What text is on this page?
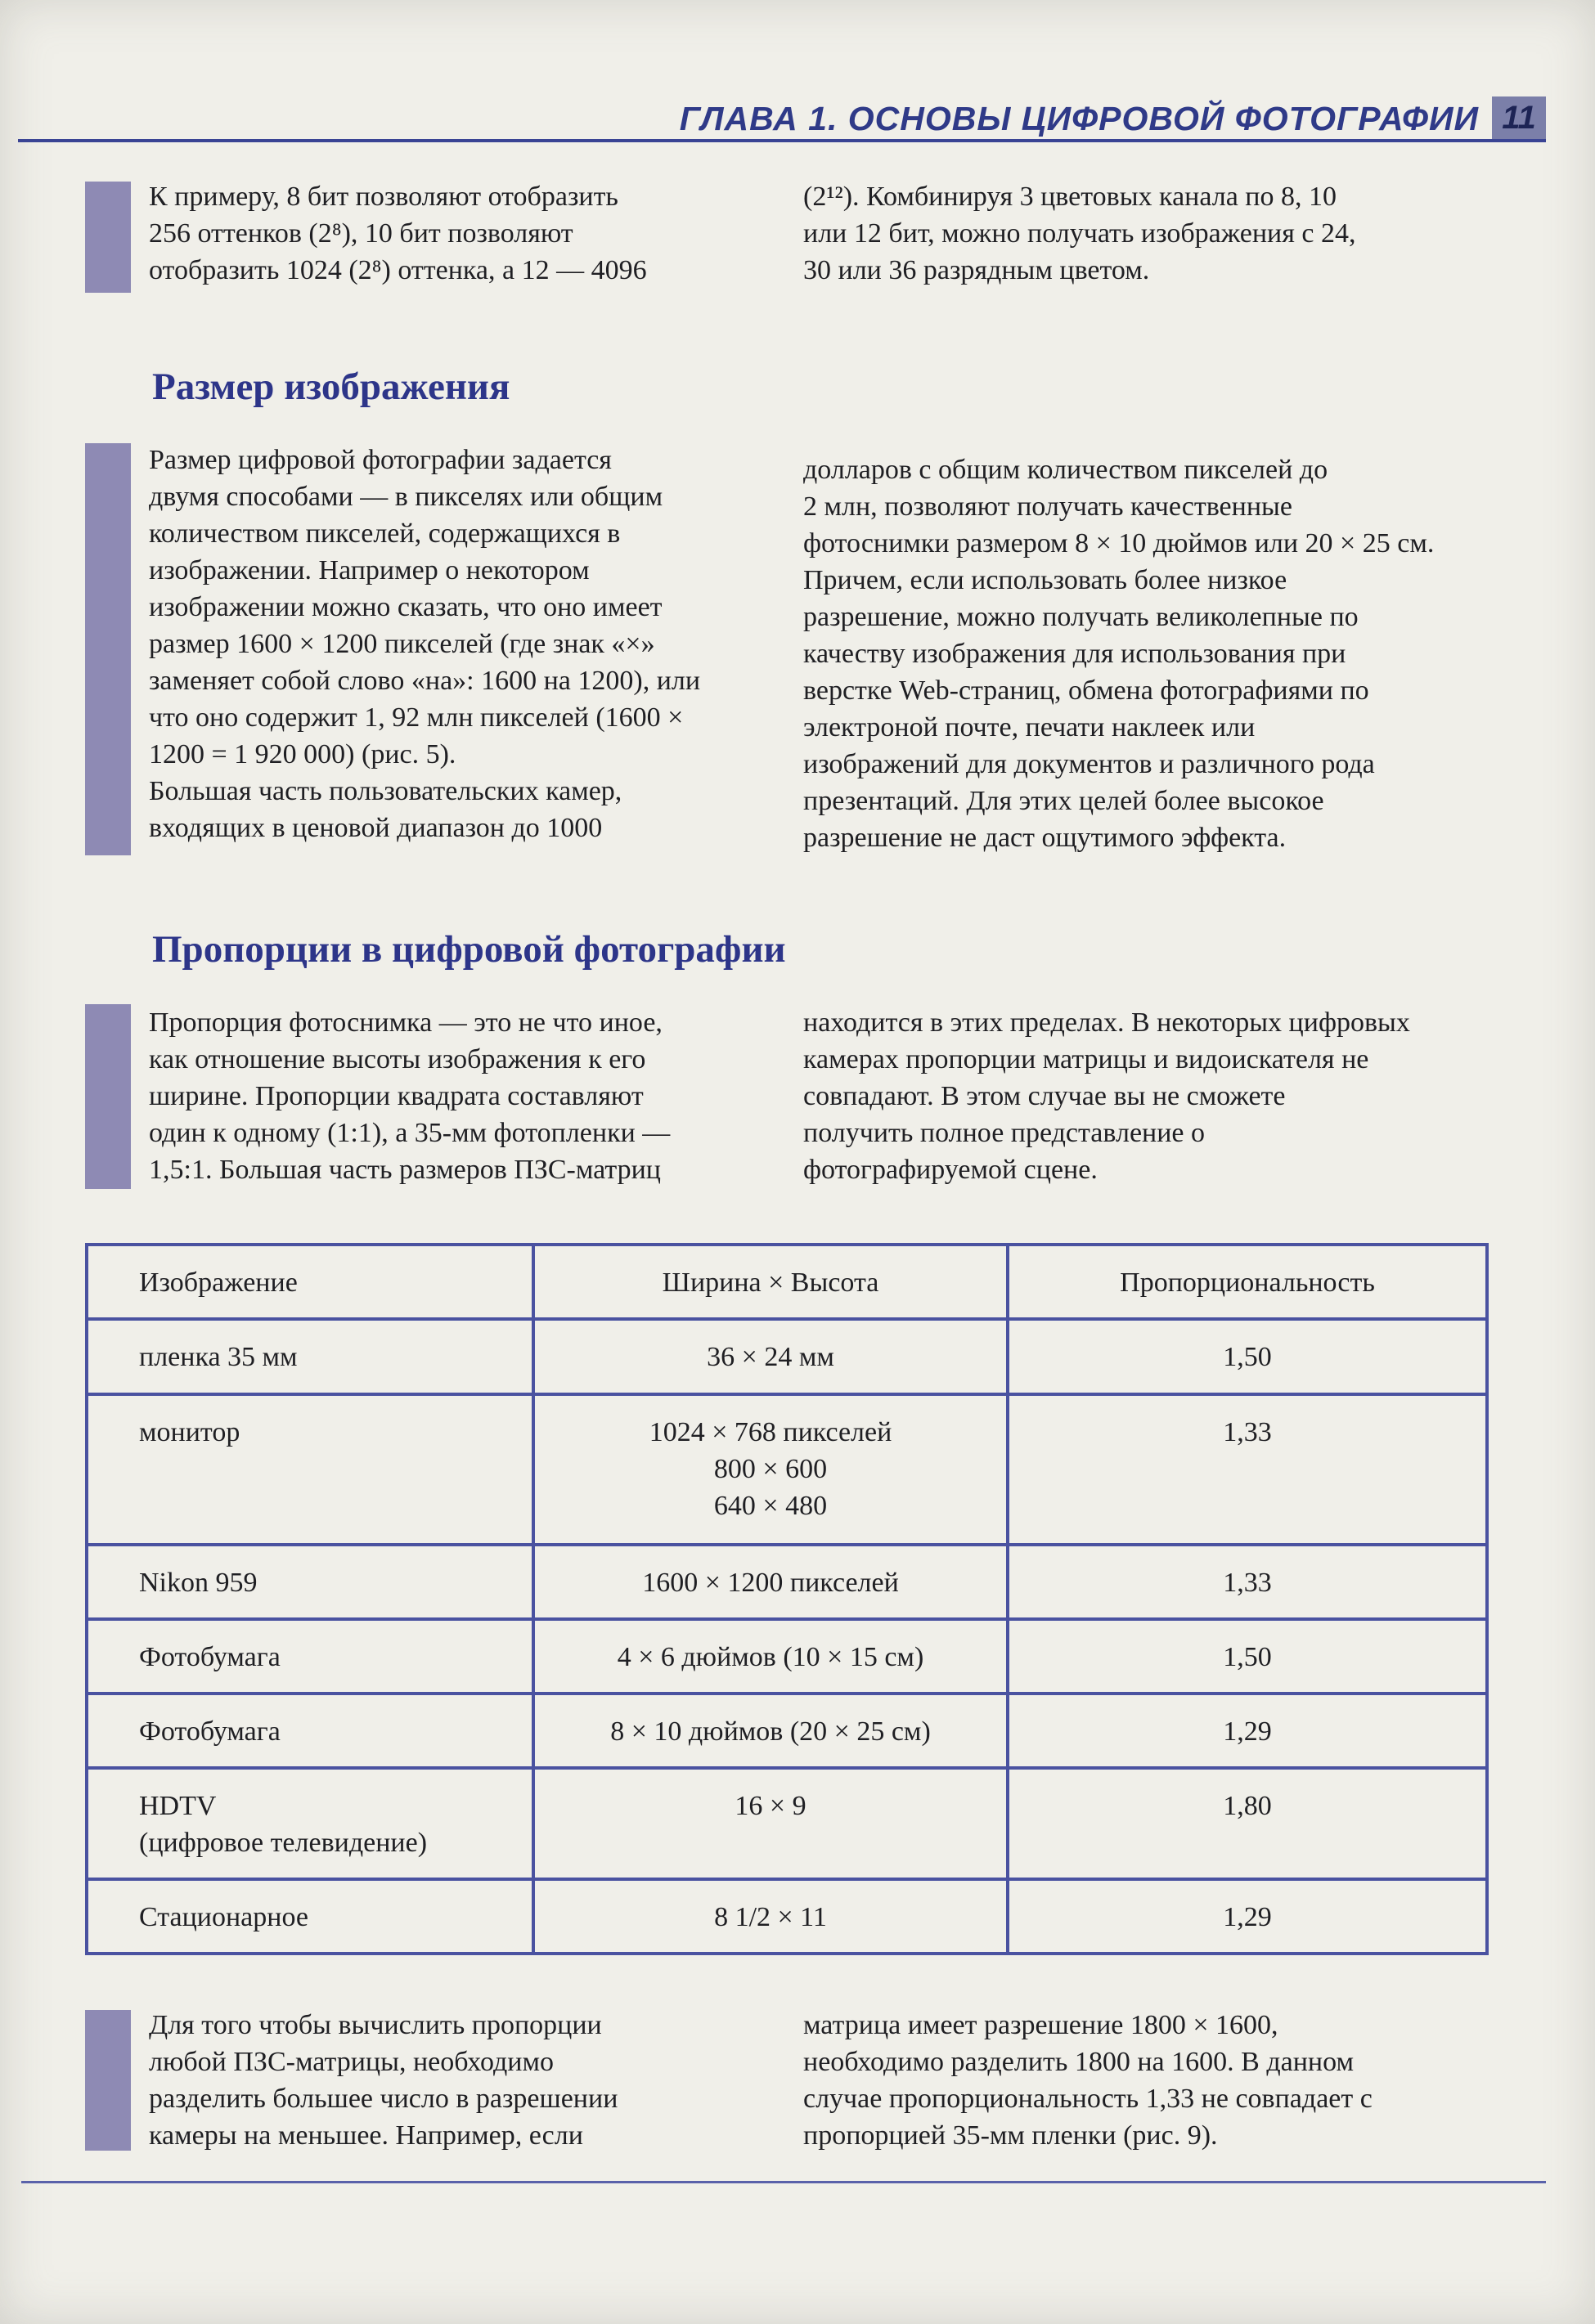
ГЛАВА 1. ОСНОВЫ ЦИФРОВОЙ ФОТОГРАФИИ 11

К примеру, 8 бит позволяют отобразить

256 оттенков (2⁸), 10 бит позволяют

отобразить 1024 (2⁸) оттенка, а 12 — 4096

(2¹²). Комбинируя 3 цветовых канала по 8, 10

или 12 бит, можно получать изображения с 24,

30 или 36 разрядным цветом.

Размер изображения

Размер цифровой фотографии задается

двумя способами — в пикселях или общим

количеством пикселей, содержащихся в

изображении. Например о некотором

изображении можно сказать, что оно имеет

размер 1600 × 1200 пикселей (где знак «×»

заменяет собой слово «на»: 1600 на 1200), или

что оно содержит 1, 92 млн пикселей (1600 ×

1200 = 1 920 000) (рис. 5).

Большая часть пользовательских камер,

входящих в ценовой диапазон до 1000

долларов с общим количеством пикселей до

2 млн, позволяют получать качественные

фотоснимки размером 8 × 10 дюймов или 20 × 25 см.

Причем, если использовать более низкое

разрешение, можно получать великолепные по

качеству изображения для использования при

верстке Web-страниц, обмена фотографиями по

электроной почте, печати наклеек или

изображений для документов и различного рода

презентаций. Для этих целей более высокое

разрешение не даст ощутимого эффекта.

Пропорции в цифровой фотографии

Пропорция фотоснимка — это не что иное,

как отношение высоты изображения к его

ширине. Пропорции квадрата составляют

один к одному (1:1), а 35-мм фотопленки —

1,5:1. Большая часть размеров ПЗС-матриц

находится в этих пределах. В некоторых цифровых

камерах пропорции матрицы и видоискателя не

совпадают. В этом случае вы не сможете

получить полное представление о

фотографируемой сцене.

Изображение	Ширина × Высота	Пропорциональность
пленка 35 мм	36 × 24 мм	1,50
монитор	1024 × 768 пикселей
800 × 600
640 × 480	1,33
Nikon 959	1600 × 1200 пикселей	1,33
Фотобумага	4 × 6 дюймов (10 × 15 см)	1,50
Фотобумага	8 × 10 дюймов (20 × 25 см)	1,29

HDTV
(цифровое телевидение)	16 × 9	1,80
Стационарное	8 1/2 × 11	1,29

Для того чтобы вычислить пропорции

любой ПЗС-матрицы, необходимо

разделить большее число в разрешении

камеры на меньшее. Например, если

матрица имеет разрешение 1800 × 1600,

необходимо разделить 1800 на 1600. В данном

случае пропорциональность 1,33 не совпадает с

пропорцией 35-мм пленки (рис. 9).
